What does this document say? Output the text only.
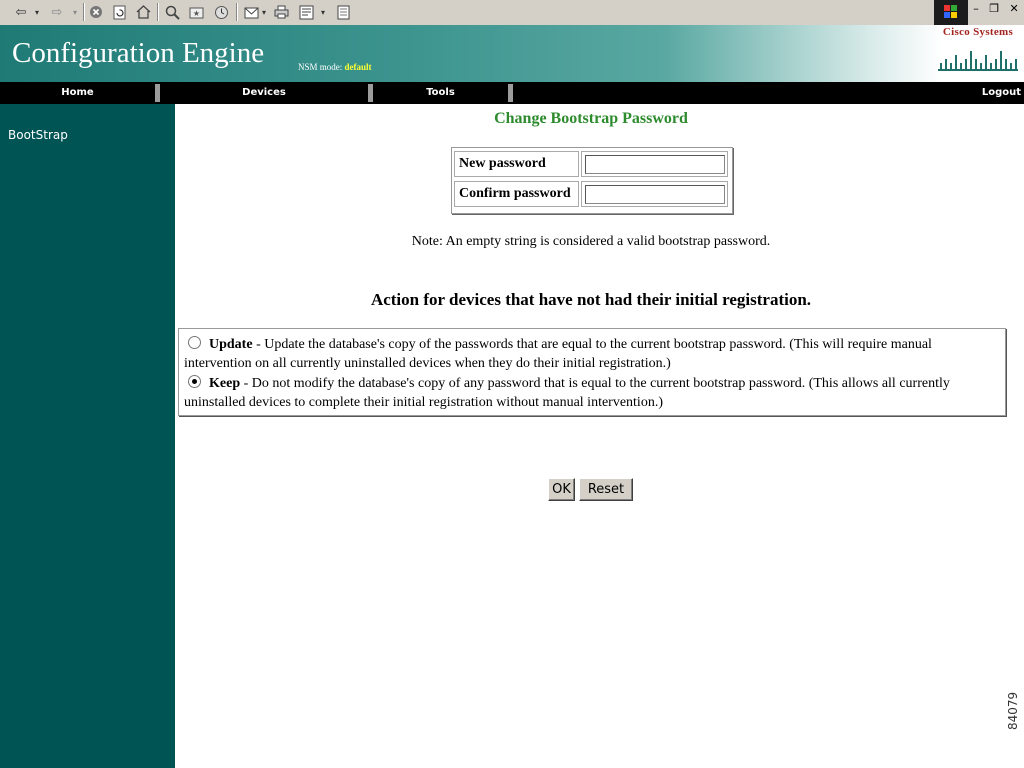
⇦	▾ ⇨	▾	★	▾	▾	– ❐ ✕
Configuration Engine	NSM mode: default
Cisco Systems
Home	Devices	Tools	Logout
BootStrap
Change Bootstrap Password
New password
Confirm password
Note: An empty string is considered a valid bootstrap password.
Action for devices that have not had their initial registration.
Update - Update the database's copy of the passwords that are equal to the current bootstrap password. (This will require manual intervention on all currently uninstalled devices when they do their initial registration.)
Keep - Do not modify the database's copy of any password that is equal to the current bootstrap password. (This allows all currently uninstalled devices to complete their initial registration without manual intervention.)
OK	Reset
84079
